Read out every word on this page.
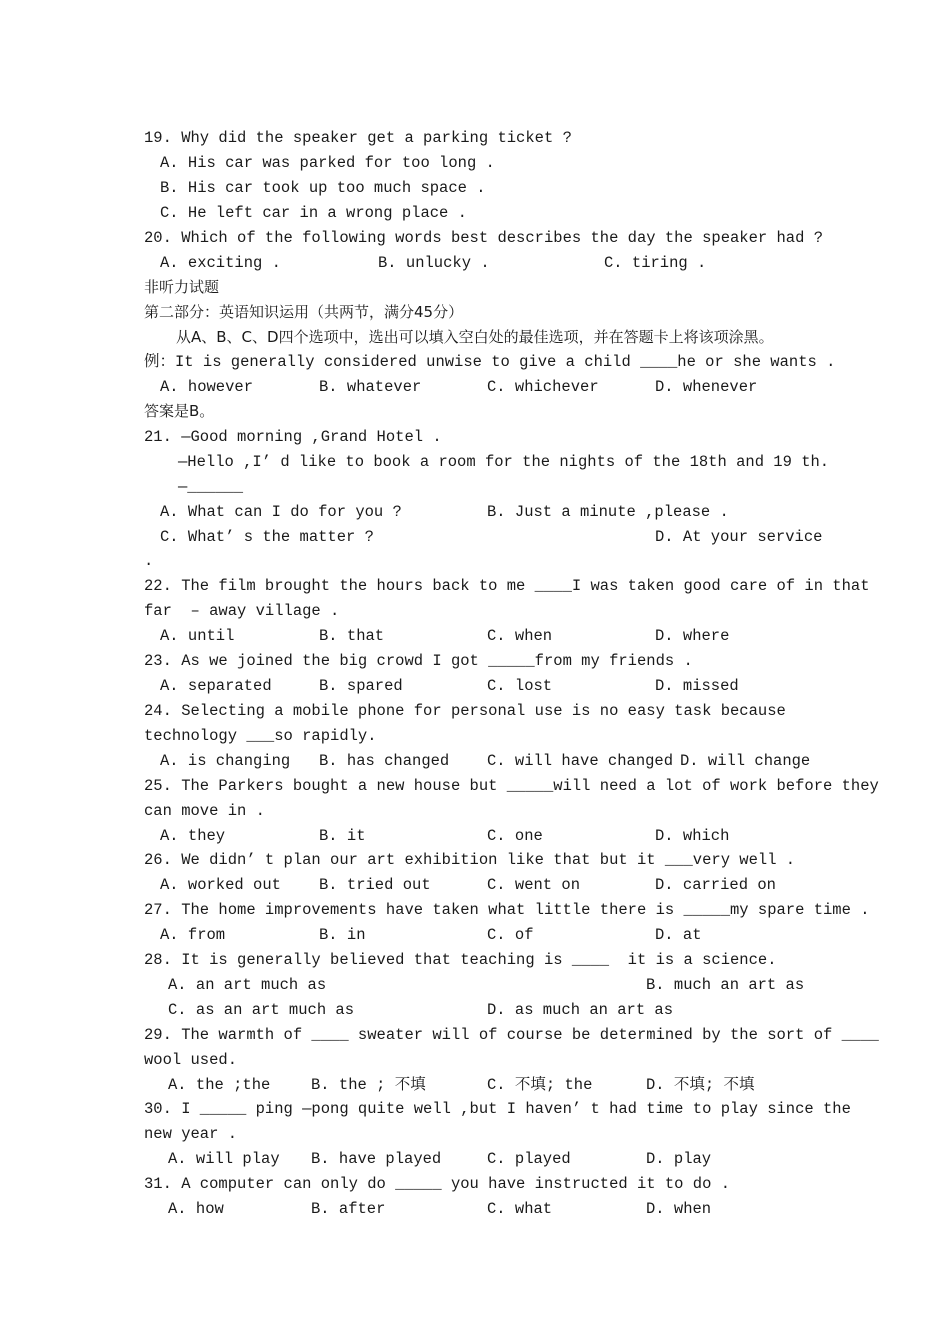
19. Why did the speaker get a parking ticket ?
A. His car was parked for too long .
B. His car took up too much space .
C. He left car in a wrong place .
20. Which of the following words best describes the day the speaker had ?
A. exciting .	B. unlucky .	C. tiring .
非听力试题
第二部分：英语知识运用（共两节，满分45分）
从A、B、C、D四个选项中，选出可以填入空白处的最佳选项，并在答题卡上将该项涂黑。
例：It is generally considered unwise to give a child ____he or she wants .
A. however	B. whatever	C. whichever	D. whenever
答案是B。
21. —Good morning ,Grand Hotel .
—Hello ,I’ d like to book a room for the nights of the 18th and 19 th.
—______
A. What can I do for you ?	B. Just a minute ,please .
C. What’ s the matter ?	D. At your service
.
22. The film brought the hours back to me ____I was taken good care of in that
far  – away village .
A. until	B. that	C. when	D. where
23. As we joined the big crowd I got _____from my friends .
A. separated	B. spared	C. lost	D. missed
24. Selecting a mobile phone for personal use is no easy task because
technology ___so rapidly.
A. is changing B. has changed C. will have changed D. will change
25. The Parkers bought a new house but _____will need a lot of work before they
can move in .
A. they	B. it	C. one	D. which
26. We didn’ t plan our art exhibition like that but it ___very well .
A. worked out B. tried out	C. went on	D. carried on
27. The home improvements have taken what little there is _____my spare time .
A. from	B. in	C. of	D. at
28. It is generally believed that teaching is ____  it is a science.
A. an art much as	B. much an art as
C. as an art much as	D. as much an art as
29. The warmth of ____ sweater will of course be determined by the sort of ____
wool used.
A. the ;the	B. the ; 不填	C. 不填; the	D. 不填; 不填
30. I _____ ping —pong quite well ,but I haven’ t had time to play since the
new year .
A. will play B. have played	C. played	D. play
31. A computer can only do _____ you have instructed it to do .
A. how	B. after	C. what	D. when
